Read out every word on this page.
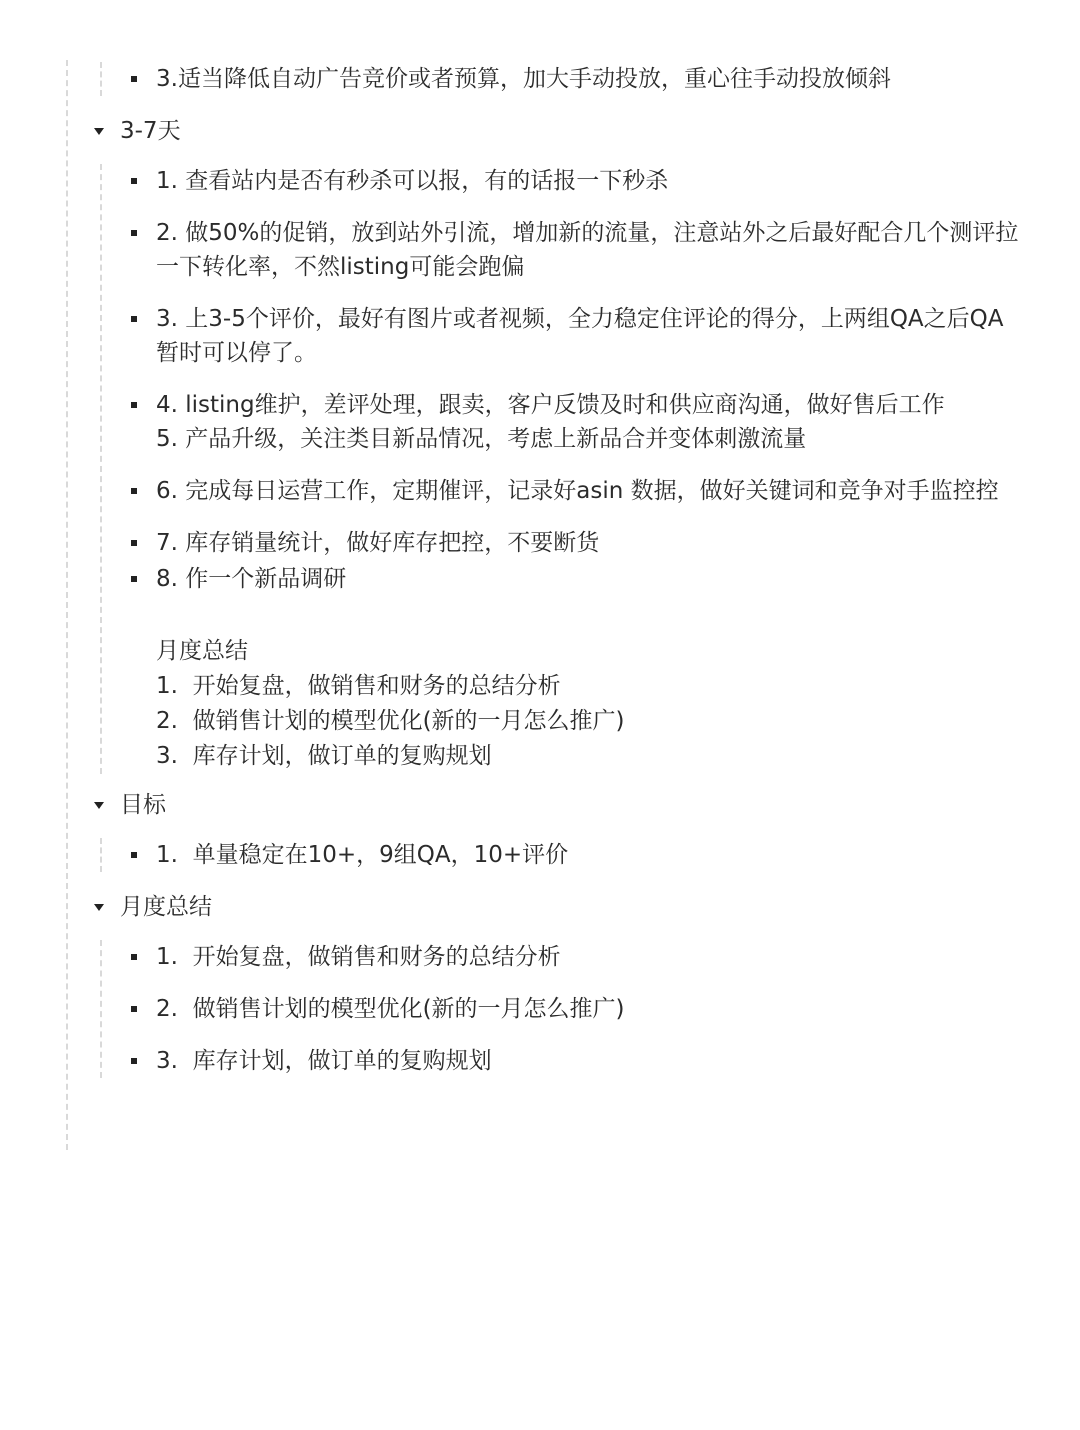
3.适当降低自动广告竞价或者预算，加大手动投放，重心往手动投放倾斜
3-7天
1. 查看站内是否有秒杀可以报，有的话报一下秒杀
2. 做50%的促销，放到站外引流，增加新的流量，注意站外之后最好配合几个测评拉一下转化率，不然listing可能会跑偏
3. 上3-5个评价，最好有图片或者视频，全力稳定住评论的得分，上两组QA之后QA暂时可以停了。
4. listing维护，差评处理，跟卖，客户反馈及时和供应商沟通，做好售后工作
5. 产品升级，关注类目新品情况，考虑上新品合并变体刺激流量
6. 完成每日运营工作，定期催评，记录好asin 数据，做好关键词和竞争对手监控控
7. 库存销量统计，做好库存把控，不要断货
8. 作一个新品调研
月度总结
1.  开始复盘，做销售和财务的总结分析
2.  做销售计划的模型优化(新的一月怎么推广)
3.  库存计划，做订单的复购规划
目标
1.  单量稳定在10+，9组QA，10+评价
月度总结
1.  开始复盘，做销售和财务的总结分析
2.  做销售计划的模型优化(新的一月怎么推广)
3.  库存计划，做订单的复购规划
